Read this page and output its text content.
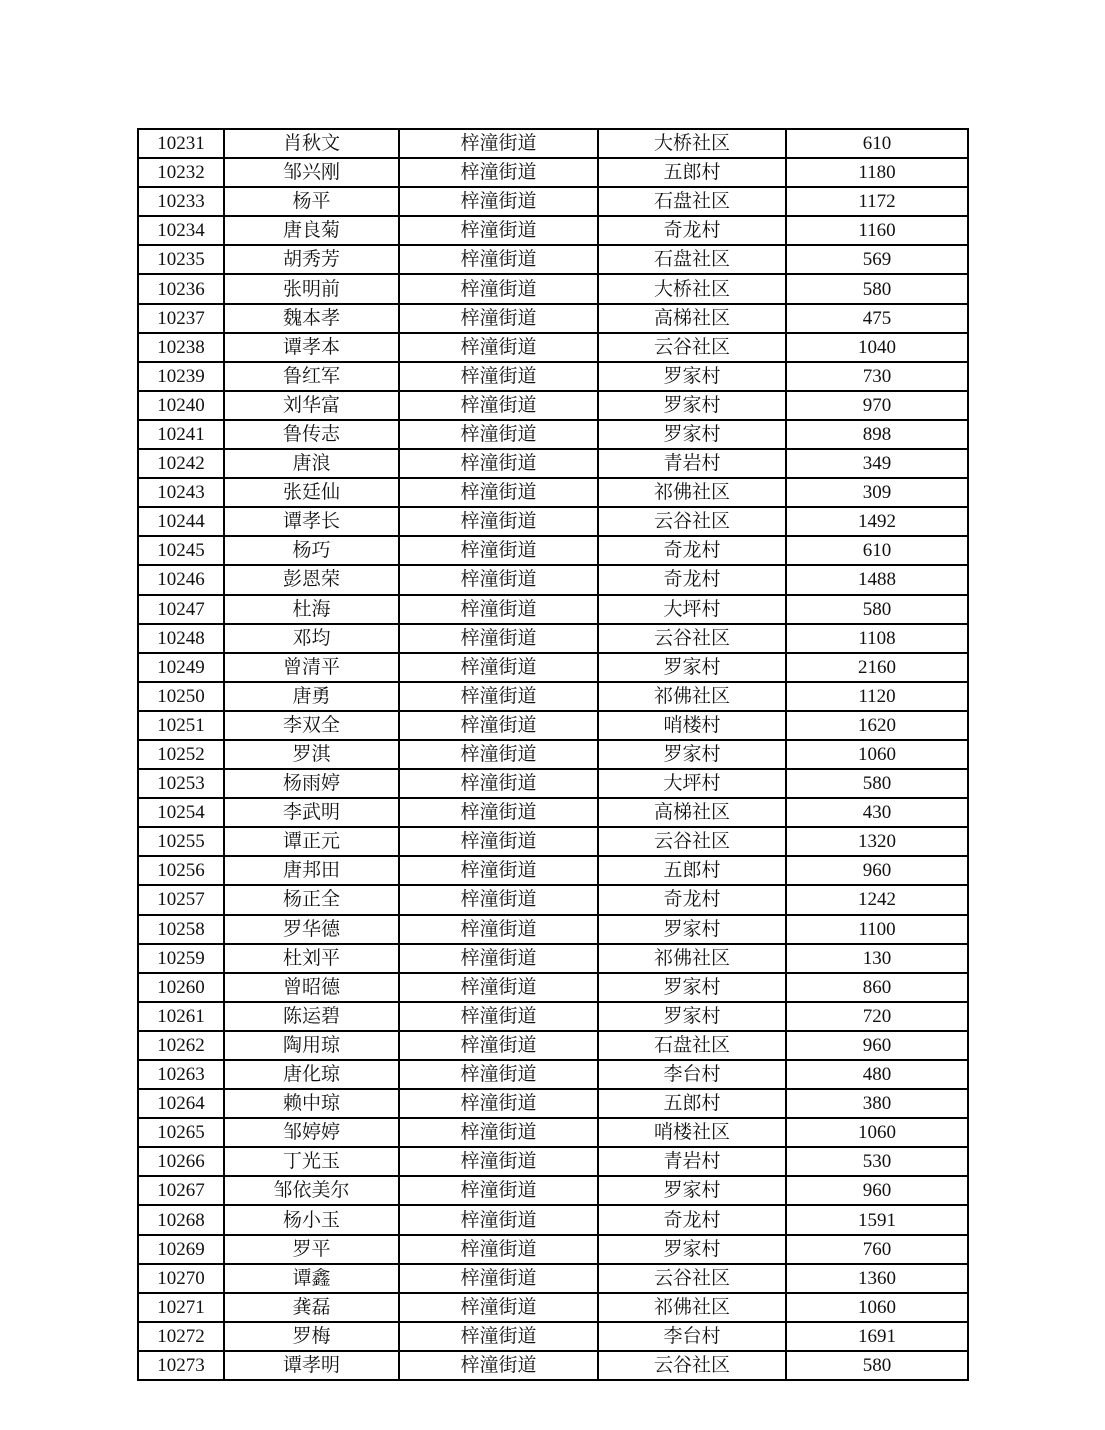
10231	肖秋文	梓潼街道	大桥社区	610
10232	邹兴刚	梓潼街道	五郎村	1180
10233	杨平	梓潼街道	石盘社区	1172
10234	唐良菊	梓潼街道	奇龙村	1160
10235	胡秀芳	梓潼街道	石盘社区	569
10236	张明前	梓潼街道	大桥社区	580
10237	魏本孝	梓潼街道	高梯社区	475
10238	谭孝本	梓潼街道	云谷社区	1040
10239	鲁红军	梓潼街道	罗家村	730
10240	刘华富	梓潼街道	罗家村	970
10241	鲁传志	梓潼街道	罗家村	898
10242	唐浪	梓潼街道	青岩村	349
10243	张廷仙	梓潼街道	祁佛社区	309
10244	谭孝长	梓潼街道	云谷社区	1492
10245	杨巧	梓潼街道	奇龙村	610
10246	彭恩荣	梓潼街道	奇龙村	1488
10247	杜海	梓潼街道	大坪村	580
10248	邓均	梓潼街道	云谷社区	1108
10249	曾清平	梓潼街道	罗家村	2160
10250	唐勇	梓潼街道	祁佛社区	1120
10251	李双全	梓潼街道	哨楼村	1620
10252	罗淇	梓潼街道	罗家村	1060
10253	杨雨婷	梓潼街道	大坪村	580
10254	李武明	梓潼街道	高梯社区	430
10255	谭正元	梓潼街道	云谷社区	1320
10256	唐邦田	梓潼街道	五郎村	960
10257	杨正全	梓潼街道	奇龙村	1242
10258	罗华德	梓潼街道	罗家村	1100
10259	杜刘平	梓潼街道	祁佛社区	130
10260	曾昭德	梓潼街道	罗家村	860
10261	陈运碧	梓潼街道	罗家村	720
10262	陶用琼	梓潼街道	石盘社区	960
10263	唐化琼	梓潼街道	李台村	480
10264	赖中琼	梓潼街道	五郎村	380
10265	邹婷婷	梓潼街道	哨楼社区	1060
10266	丁光玉	梓潼街道	青岩村	530
10267	邹依美尔	梓潼街道	罗家村	960
10268	杨小玉	梓潼街道	奇龙村	1591
10269	罗平	梓潼街道	罗家村	760
10270	谭鑫	梓潼街道	云谷社区	1360
10271	龚磊	梓潼街道	祁佛社区	1060
10272	罗梅	梓潼街道	李台村	1691
10273	谭孝明	梓潼街道	云谷社区	580
